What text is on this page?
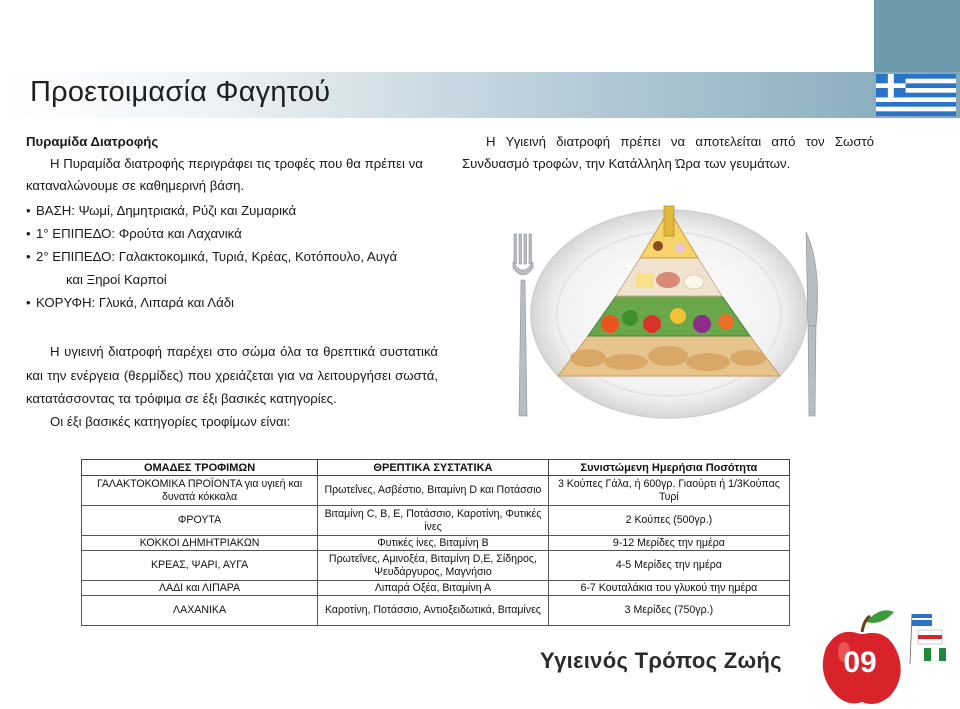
Προετοιμασία Φαγητού
Πυραμίδα Διατροφής
Η Πυραμίδα διατροφής περιγράφει τις τροφές που θα πρέπει να καταναλώνουμε σε καθημερινή βάση.
• ΒΑΣΗ: Ψωμί, Δημητριακά, Ρύζι και Ζυμαρικά
• 1° ΕΠΙΠΕΔΟ: Φρούτα και Λαχανικά
• 2° ΕΠΙΠΕΔΟ: Γαλακτοκομικά, Τυριά, Κρέας, Κοτόπουλο, Αυγά
και Ξηροί Καρποί
• ΚΟΡΥΦΗ: Γλυκά, Λιπαρά και Λάδι
Η υγιεινή διατροφή παρέχει στο σώμα όλα τα θρεπτικά συστατικά και την ενέργεια (θερμίδες) που χρειάζεται για να λειτουργήσει σωστά, κατατάσσοντας τα τρόφιμα σε έξι βασικές κατηγορίες.
Οι έξι βασικές κατηγορίες τροφίμων είναι:
Η Υγιεινή διατροφή πρέπει να αποτελείται από τον Σωστό Συνδυασμό τροφών, την Κατάλληλη Ώρα των γευμάτων.
ΟΜΑΔΕΣ ΤΡΟΦΙΜΩΝ	ΘΡΕΠΤΙΚΑ ΣΥΣΤΑΤΙΚΑ	Συνιστώμενη Ημερήσια Ποσότητα
ΓΑΛΑΚΤΟΚΟΜΙΚΑ ΠΡΟΪΟΝΤΑ για υγιεή και δυνατά κόκκαλα	Πρωτεΐνες, Ασβέστιο, Βιταμίνη D και Ποτάσσιο	3 Κούπες Γάλα, ή 600γρ. Γιαούρτι ή 1/3Κούπας Τυρί
ΦΡΟΥΤΑ	Βιταμίνη C, B, E, Ποτάσσιο, Καροτίνη, Φυτικές ίνες	2 Κούπες (500γρ.)
ΚΟΚΚΟΙ ΔΗΜΗΤΡΙΑΚΩΝ	Φυτικές ίνες, Βιταμίνη Β	9-12 Μερίδες την ημέρα
ΚΡΕΑΣ, ΨΑΡΙ, ΑΥΓΑ	Πρωτεΐνες, Αμινοξέα, Βιταμίνη D,E, Σίδηρος, Ψευδάργυρος, Μαγνήσιο	4-5 Μερίδες την ημέρα
ΛΑΔΙ και ΛΙΠΑΡΑ	Λιπαρά Οξέα, Βιταμίνη Α	6-7 Κουταλάκια του γλυκού την ημέρα
ΛΑΧΑΝΙΚΑ	Καροτίνη, Ποτάσσιο, Αντιοξειδωτικά, Βιταμίνες	3 Μερίδες (750γρ.)
Υγιεινός Τρόπος Ζωής	09
